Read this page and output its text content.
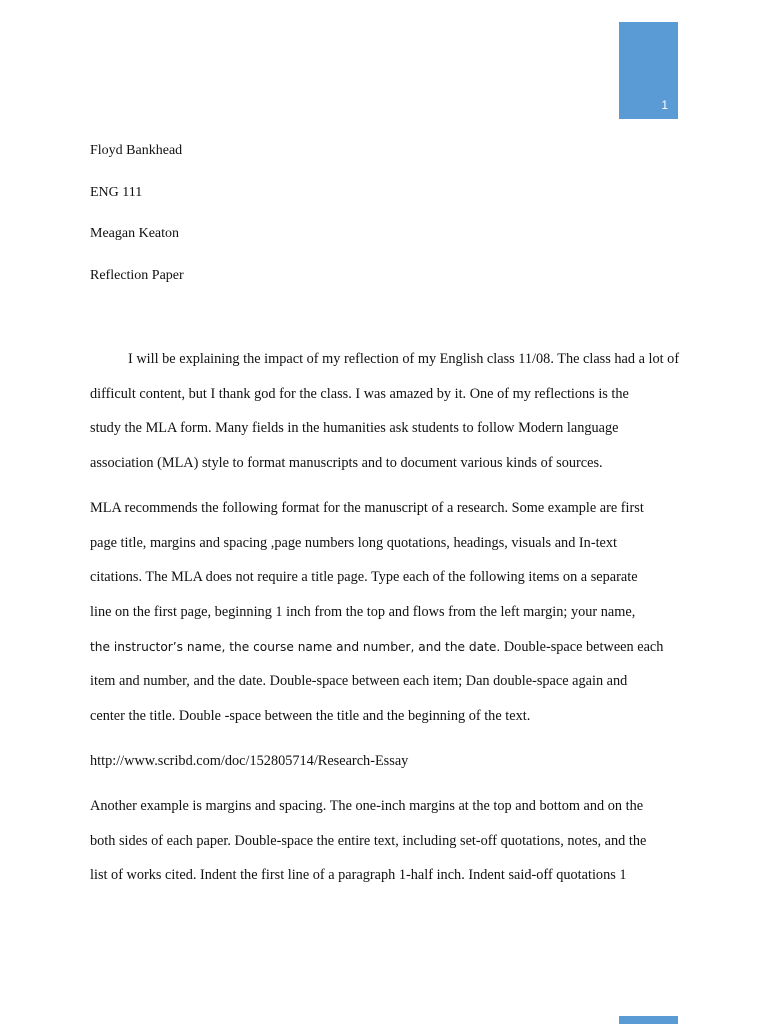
1
Floyd Bankhead
ENG 111
Meagan Keaton
Reflection Paper
I will be explaining the impact of my reflection of my English class 11/08. The class had a lot of
difficult content, but I thank god for the class. I was amazed by it. One of my reflections is the
study the MLA form. Many fields in the humanities ask students to follow Modern language
association (MLA) style to format manuscripts and to document various kinds of sources.
MLA recommends the following format for the manuscript of a research. Some example are first
page title, margins and spacing ,page numbers long quotations, headings, visuals and In-text
citations. The MLA does not require a title page. Type each of the following items on a separate
line on the first page, beginning 1 inch from the top and flows from the left margin; your name,
the instructor’s name, the course name and number, and the date. Double-space between each
item and number, and the date. Double-space between each item; Dan double-space again and
center the title. Double -space between the title and the beginning of the text.
http://www.scribd.com/doc/152805714/Research-Essay
Another example is margins and spacing. The one-inch margins at the top and bottom and on the
both sides of each paper. Double-space the entire text, including set-off quotations, notes, and the
list of works cited. Indent the first line of a paragraph 1-half inch. Indent said-off quotations 1
